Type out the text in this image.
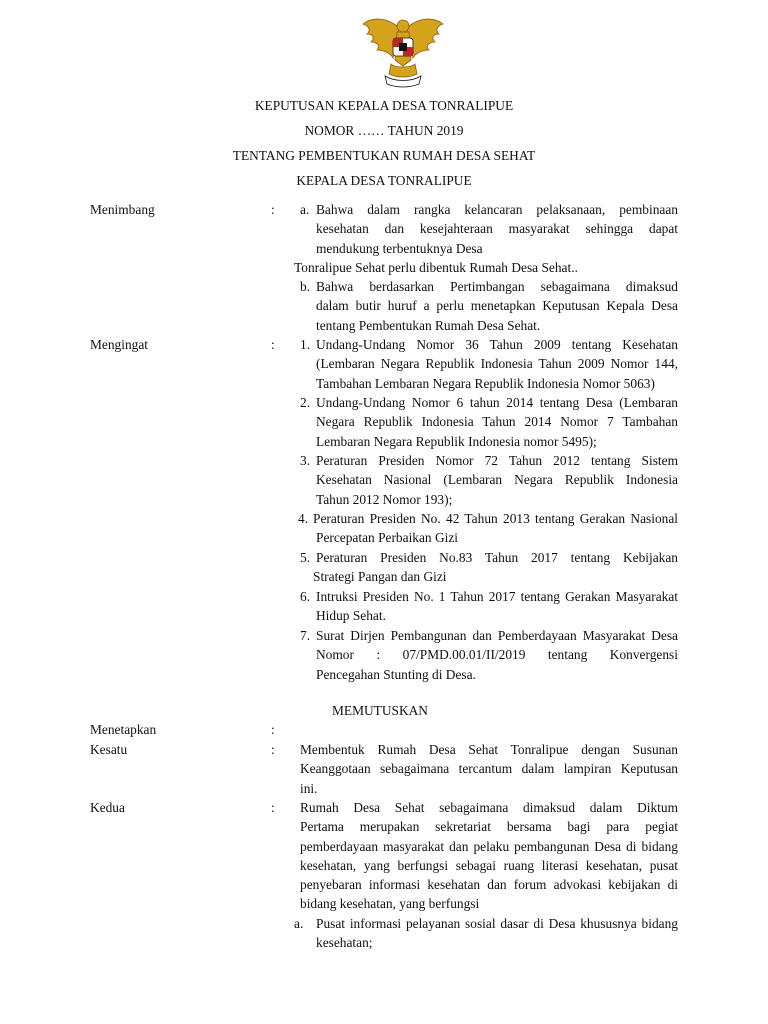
KEPUTUSAN KEPALA DESA TONRALIPUE
NOMOR …… TAHUN 2019
TENTANG PEMBENTUKAN RUMAH DESA SEHAT
KEPALA DESA TONRALIPUE
Menimbang	: a. Bahwa dalam rangka kelancaran pelaksanaan, pembinaan
kesehatan dan kesejahteraan masyarakat sehingga dapat
mendukung terbentuknya Desa
Tonralipue Sehat perlu dibentuk Rumah Desa Sehat..
b. Bahwa berdasarkan Pertimbangan sebagaimana dimaksud
dalam butir huruf a perlu menetapkan Keputusan Kepala Desa
tentang Pembentukan Rumah Desa Sehat.
Mengingat	: 1. Undang-Undang Nomor 36 Tahun 2009 tentang Kesehatan
(Lembaran Negara Republik Indonesia Tahun 2009 Nomor 144,
Tambahan Lembaran Negara Republik Indonesia Nomor 5063)
2. Undang-Undang Nomor 6 tahun 2014 tentang Desa (Lembaran
Negara Republik Indonesia Tahun 2014 Nomor 7 Tambahan
Lembaran Negara Republik Indonesia nomor 5495);
3. Peraturan Presiden Nomor 72 Tahun 2012 tentang Sistem
Kesehatan Nasional (Lembaran Negara Republik Indonesia
Tahun 2012 Nomor 193);
4. Peraturan Presiden No. 42 Tahun 2013 tentang Gerakan Nasional
Percepatan Perbaikan Gizi
5. Peraturan Presiden No.83 Tahun 2017 tentang Kebijakan
Strategi Pangan dan Gizi
6. Intruksi Presiden No. 1 Tahun 2017 tentang Gerakan Masyarakat
Hidup Sehat.
7. Surat Dirjen Pembangunan dan Pemberdayaan Masyarakat Desa
Nomor : 07/PMD.00.01/II/2019 tentang Konvergensi
Pencegahan Stunting di Desa.
MEMUTUSKAN
Menetapkan	:
Kesatu	: Membentuk Rumah Desa Sehat Tonralipue dengan Susunan
Keanggotaan sebagaimana tercantum dalam lampiran Keputusan
ini.
Kedua	: Rumah Desa Sehat sebagaimana dimaksud dalam Diktum
Pertama merupakan sekretariat bersama bagi para pegiat
pemberdayaan masyarakat dan pelaku pembangunan Desa di bidang
kesehatan, yang berfungsi sebagai ruang literasi kesehatan, pusat
penyebaran informasi kesehatan dan forum advokasi kebijakan di
bidang kesehatan, yang berfungsi
a. Pusat informasi pelayanan sosial dasar di Desa khususnya bidang
kesehatan;
